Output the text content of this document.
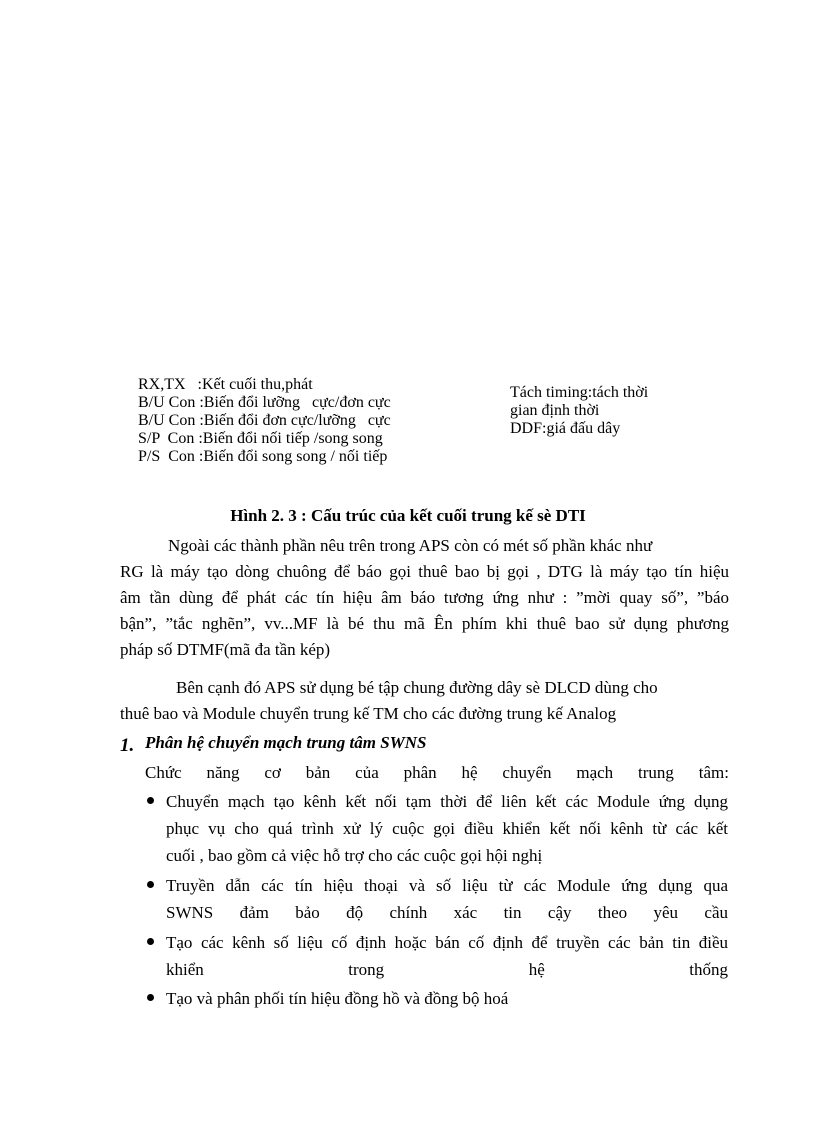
RX,TX   :Kết cuối thu,phát
B/U Con :Biến đổi lưỡng   cực/đơn cực
B/U Con :Biến đổi đơn cực/lưỡng   cực
S/P  Con :Biến đổi nối tiếp /song song
P/S  Con :Biến đổi song song / nối tiếp
Tách timing:tách thời
gian định thời
DDF:giá đấu dây
Hình 2. 3 : Cấu trúc của kết cuối trung kế sè DTI
Ngoài các thành phần nêu trên trong APS còn có mét số phần khác như
RG là máy tạo dòng chuông để báo gọi thuê bao bị gọi , DTG là máy tạo tín hiệu
âm tần dùng để phát các tín hiệu âm báo tương ứng như : ”mời quay số”, ”báo
bận”, ”tắc nghẽn”, vv...MF là bé thu mã Ên phím khi thuê bao sử dụng phương
pháp số DTMF(mã đa tần kép)
Bên cạnh đó APS sử dụng bé tập chung đường dây sè DLCD dùng cho
thuê bao và Module chuyển trung kế TM cho các đường trung kế Analog
1. Phân hệ chuyển mạch trung tâm SWNS
Chức năng cơ bản của phân hệ chuyển mạch trung tâm:
Chuyển mạch tạo kênh kết nối tạm thời để liên kết các Module ứng dụng
phục vụ cho quá trình xử lý cuộc gọi điều khiển kết nối kênh từ các kết
cuối , bao gồm cả việc hỗ trợ cho các cuộc gọi hội nghị
Truyền dẫn các tín hiệu thoại và số liệu từ các Module ứng dụng qua
SWNS đảm bảo độ chính xác tin cậy theo yêu cầu
Tạo các kênh số liệu cố định hoặc bán cố định để truyền các bản tin điều
khiển trong hệ thống
Tạo và phân phối tín hiệu đồng hồ và đồng bộ hoá
